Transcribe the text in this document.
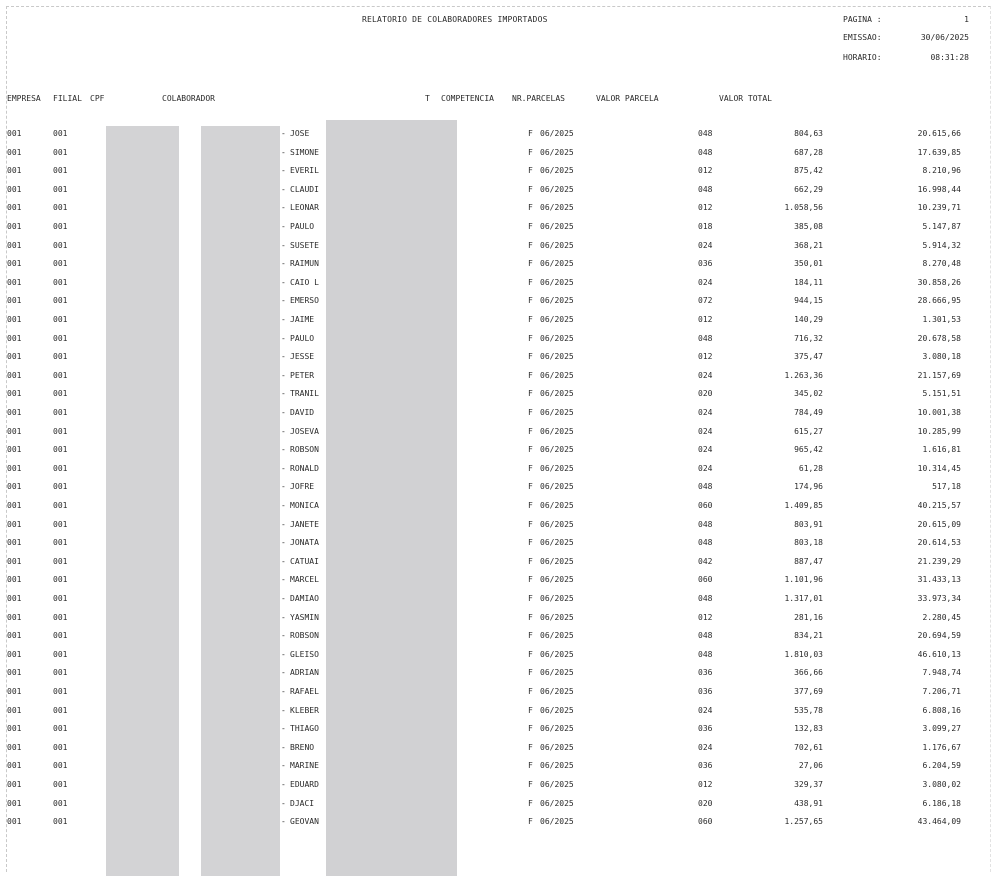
RELATORIO DE COLABORADORES IMPORTADOS	PAGINA :	1
EMISSAO:	30/06/2025
HORARIO:	08:31:28
EMPRESA FILIAL CPF	COLABORADOR	T COMPETENCIA NR.PARCELAS	VALOR PARCELA	VALOR TOTAL
001	001	JOSE	F 06/2025	048	804,63	20.615,66
-
001	001	SIMONE	F 06/2025	048	687,28	17.639,85
-
001	001	EVERIL	F 06/2025	012	875,42	8.210,96
-
001	001	CLAUDI	F 06/2025	048	662,29	16.998,44
-
001	001	LEONAR	F 06/2025	012	1.058,56	10.239,71
-
001	001	PAULO	F 06/2025	018	385,08	5.147,87
-
001	001	SUSETE	F 06/2025	024	368,21	5.914,32
-
001	001	RAIMUN	F 06/2025	036	350,01	8.270,48
-
001	001	CAIO L	F 06/2025	024	184,11	30.858,26
-
001	001	EMERSO	F 06/2025	072	944,15	28.666,95
-
001	001	JAIME	F 06/2025	012	140,29	1.301,53
-
001	001	PAULO	F 06/2025	048	716,32	20.678,58
-
001	001	JESSE	F 06/2025	012	375,47	3.080,18
-
001	001	PETER	F 06/2025	024	1.263,36	21.157,69
-
001	001	TRANIL	F 06/2025	020	345,02	5.151,51
-
001	001	DAVID	F 06/2025	024	784,49	10.001,38
-
001	001	JOSEVA	F 06/2025	024	615,27	10.285,99
-
001	001	ROBSON	F 06/2025	024	965,42	1.616,81
-
001	001	RONALD	F 06/2025	024	61,28	10.314,45
-
001	001	JOFRE	F 06/2025	048	174,96	517,18
-
001	001	MONICA	F 06/2025	060	1.409,85	40.215,57
-
001	001	JANETE	F 06/2025	048	803,91	20.615,09
-
001	001	JONATA	F 06/2025	048	803,18	20.614,53
-
001	001	CATUAI	F 06/2025	042	887,47	21.239,29
-
001	001	MARCEL	F 06/2025	060	1.101,96	31.433,13
-
001	001	DAMIAO	F 06/2025	048	1.317,01	33.973,34
-
001	001	YASMIN	F 06/2025	012	281,16	2.280,45
-
001	001	ROBSON	F 06/2025	048	834,21	20.694,59
-
001	001	GLEISO	F 06/2025	048	1.810,03	46.610,13
-
001	001	ADRIAN	F 06/2025	036	366,66	7.948,74
-
001	001	RAFAEL	F 06/2025	036	377,69	7.206,71
-
001	001	KLEBER	F 06/2025	024	535,78	6.808,16
-
001	001	THIAGO	F 06/2025	036	132,83	3.099,27
-
001	001	BRENO	F 06/2025	024	702,61	1.176,67
-
001	001	MARINE	F 06/2025	036	27,06	6.204,59
-
001	001	EDUARD	F 06/2025	012	329,37	3.080,02
-
001	001	DJACI	F 06/2025	020	438,91	6.186,18
-
001	001	GEOVAN	F 06/2025	060	1.257,65	43.464,09
-
